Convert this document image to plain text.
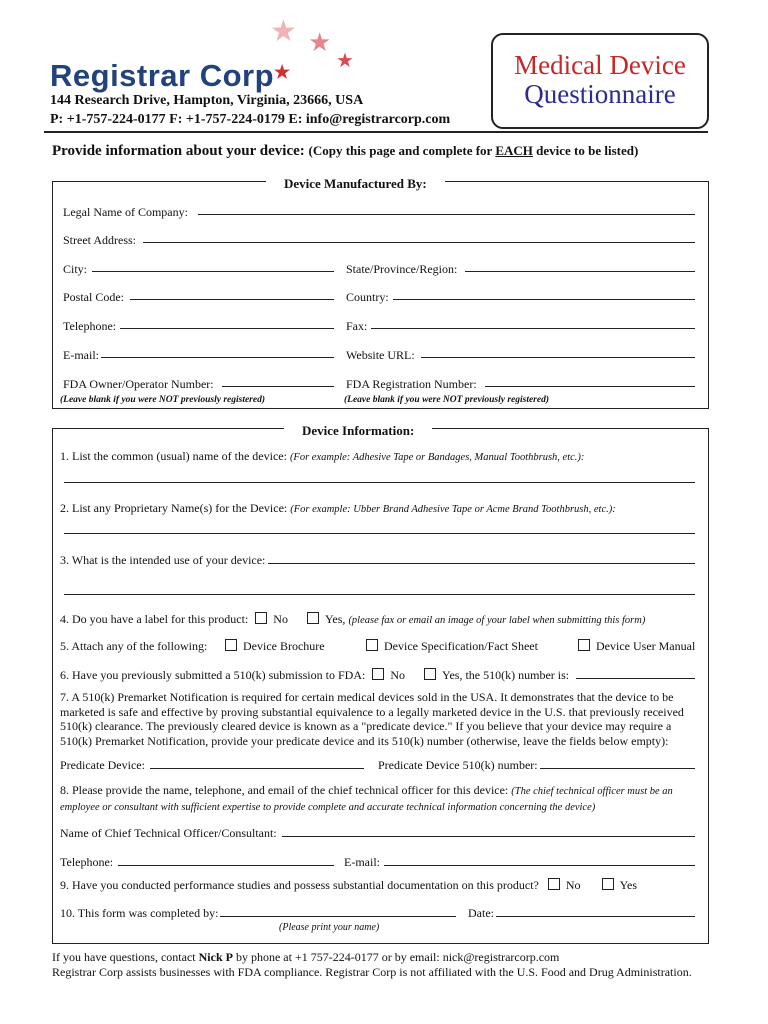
★ ★
★
Registrar Corp★
144 Research Drive, Hampton, Virginia, 23666, USA
P: +1-757-224-0177 F: +1-757-224-0179 E: info@registrarcorp.com
Medical Device
Questionnaire
Provide information about your device: (Copy this page and complete for EACH device to be listed)
Device Manufactured By:
Legal Name of Company:
Street Address:
City:	State/Province/Region:
Postal Code:	Country:
Telephone:	Fax:
E-mail:	Website URL:
FDA Owner/Operator Number:	FDA Registration Number:
(Leave blank if you were NOT previously registered)	(Leave blank if you were NOT previously registered)
Device Information:
1. List the common (usual) name of the device: (For example: Adhesive Tape or Bandages, Manual Toothbrush, etc.):
2. List any Proprietary Name(s) for the Device: (For example: Ubber Brand Adhesive Tape or Acme Brand Toothbrush, etc.):
3. What is the intended use of your device:
4. Do you have a label for this product: No	Yes, (please fax or email an image of your label when submitting this form)
5. Attach any of the following:	Device Brochure	Device Specification/Fact Sheet	Device User Manual
6. Have you previously submitted a 510(k) submission to FDA: No	Yes, the 510(k) number is:
7. A 510(k) Premarket Notification is required for certain medical devices sold in the USA. It demonstrates that the device to be marketed is safe and effective by proving substantial equivalence to a legally marketed device in the U.S. that previously received 510(k) clearance. The previously cleared device is known as a "predicate device." If you believe that your device may require a 510(k) Premarket Notification, provide your predicate device and its 510(k) number (otherwise, leave the fields below empty):
Predicate Device:	Predicate Device 510(k) number:
8. Please provide the name, telephone, and email of the chief technical officer for this device: (The chief technical officer must be an employee or consultant with sufficient expertise to provide complete and accurate technical information concerning the device)
Name of Chief Technical Officer/Consultant:
Telephone:	E-mail:
9. Have you conducted performance studies and possess substantial documentation on this product? No	Yes
10. This form was completed by:	Date:
(Please print your name)
If you have questions, contact Nick P by phone at +1 757-224-0177 or by email: nick@registrarcorp.com
Registrar Corp assists businesses with FDA compliance. Registrar Corp is not affiliated with the U.S. Food and Drug Administration.
